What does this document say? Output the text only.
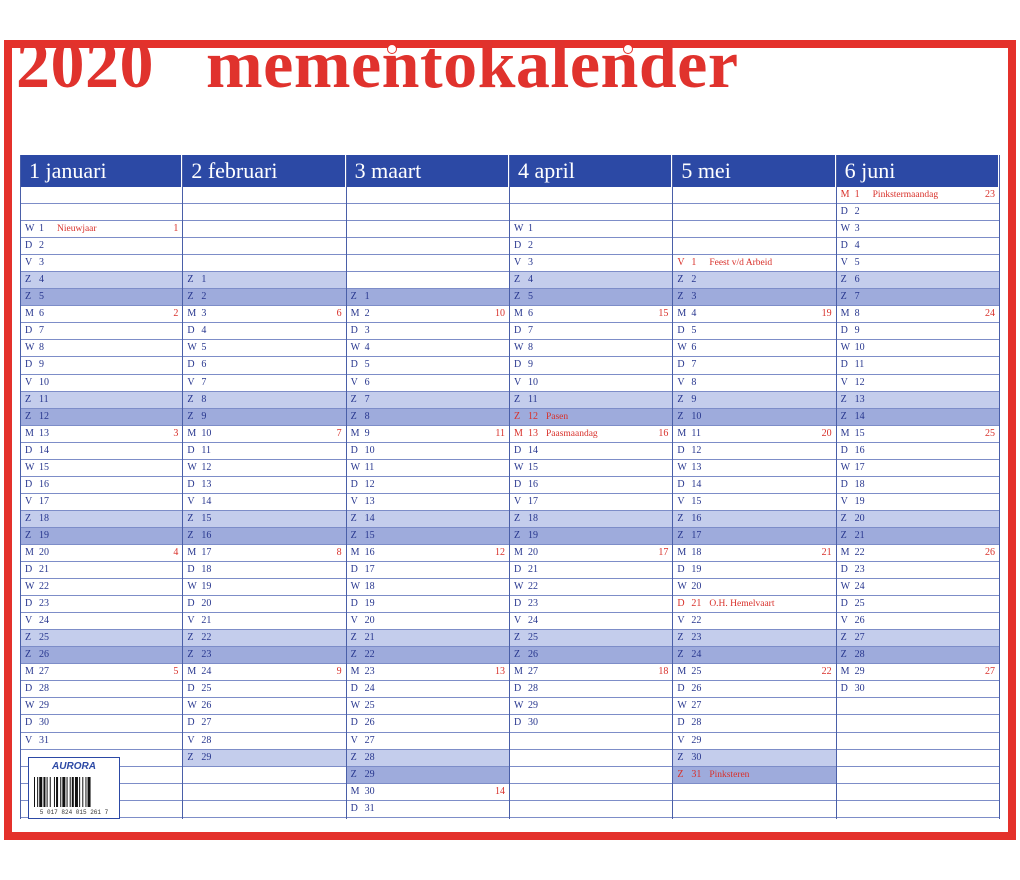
2020 mementokalender
1 januari
W 1 Nieuwjaar	1
D 2
V 3
Z 4
Z 5
M 6	2
D 7
W 8
D 9
V 10
Z 11
Z 12
M 13	3
D 14
W 15
D 16
V 17
Z 18
Z 19
M 20	4
D 21
W 22
D 23
V 24
Z 25
Z 26
M 27	5
D 28
W 29
D 30
V 31
2 februari
Z 1
Z 2
M 3	6
D 4
W 5
D 6
V 7
Z 8
Z 9
M 10	7
D 11
W 12
D 13
V 14
Z 15
Z 16
M 17	8
D 18
W 19
D 20
V 21
Z 22
Z 23
M 24	9
D 25
W 26
D 27
V 28
Z 29
3 maart
Z 1
M 2	10
D 3
W 4
D 5
V 6
Z 7
Z 8
M 9	11
D 10
W 11
D 12
V 13
Z 14
Z 15
M 16	12
D 17
W 18
D 19
V 20
Z 21
Z 22
M 23	13
D 24
W 25
D 26
V 27
Z 28
Z 29
M 30	14
D 31
4 april
W 1
D 2
V 3
Z 4
Z 5
M 6	15
D 7
W 8
D 9
V 10
Z 11
Z 12 Pasen
M 13 Paasmaandag	16
D 14
W 15
D 16
V 17
Z 18
Z 19
M 20	17
D 21
W 22
D 23
V 24
Z 25
Z 26
M 27	18
D 28
W 29
D 30
5 mei
V 1 Feest v/d Arbeid
Z 2
Z 3
M 4	19
D 5
W 6
D 7
V 8
Z 9
Z 10
M 11	20
D 12
W 13
D 14
V 15
Z 16
Z 17
M 18	21
D 19
W 20
D 21 O.H. Hemelvaart
V 22
Z 23
Z 24
M 25	22
D 26
W 27
D 28
V 29
Z 30
Z 31 Pinksteren
6 juni
M 1 Pinkstermaandag	23
D 2
W 3
D 4
V 5
Z 6
Z 7
M 8	24
D 9
W 10
D 11
V 12
Z 13
Z 14
M 15	25
D 16
W 17
D 18
V 19
Z 20
Z 21
M 22	26
D 23
W 24
D 25
V 26
Z 27
Z 28
M 29	27
D 30
AURORA
5 017 824 015 261 7
